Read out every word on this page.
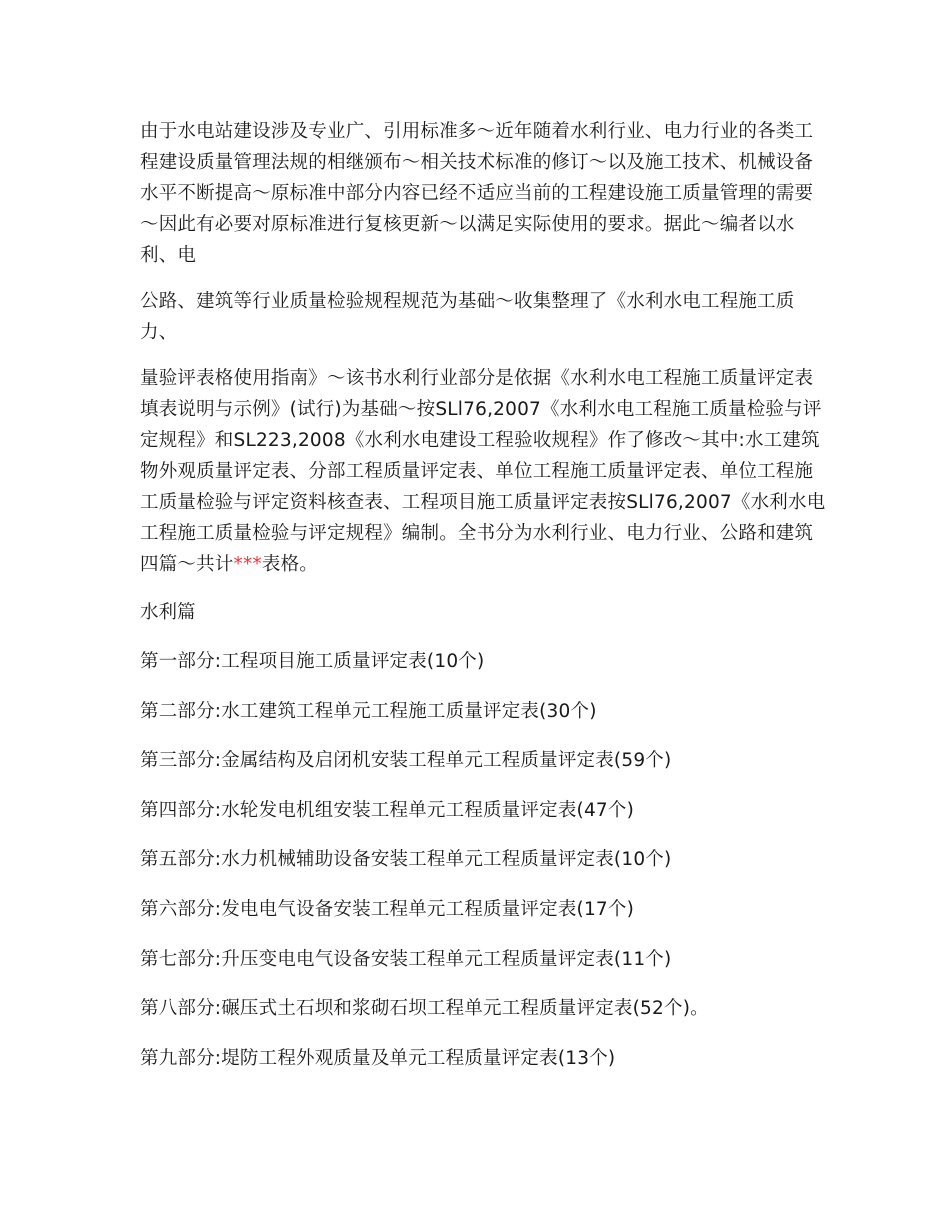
由于水电站建设涉及专业广、引用标准多～近年随着水利行业、电力行业的各类工程建设质量管理法规的相继颁布～相关技术标准的修订～以及施工技术、机械设备水平不断提高～原标准中部分内容已经不适应当前的工程建设施工质量管理的需要～因此有必要对原标准进行复核更新～以满足实际使用的要求。据此～编者以水利、电

公路、建筑等行业质量检验规程规范为基础～收集整理了《水利水电工程施工质力、

量验评表格使用指南》～该书水利行业部分是依据《水利水电工程施工质量评定表填表说明与示例》(试行)为基础～按SLl76,2007《水利水电工程施工质量检验与评定规程》和SL223,2008《水利水电建设工程验收规程》作了修改～其中:水工建筑物外观质量评定表、分部工程质量评定表、单位工程施工质量评定表、单位工程施工质量检验与评定资料核查表、工程项目施工质量评定表按SLl76,2007《水利水电工程施工质量检验与评定规程》编制。全书分为水利行业、电力行业、公路和建筑四篇～共计***表格。

水利篇
第一部分:工程项目施工质量评定表(10个)
第二部分:水工建筑工程单元工程施工质量评定表(30个)
第三部分:金属结构及启闭机安装工程单元工程质量评定表(59个)
第四部分:水轮发电机组安装工程单元工程质量评定表(47个)
第五部分:水力机械辅助设备安装工程单元工程质量评定表(10个)
第六部分:发电电气设备安装工程单元工程质量评定表(17个)
第七部分:升压变电电气设备安装工程单元工程质量评定表(11个)
第八部分:碾压式土石坝和浆砌石坝工程单元工程质量评定表(52个)。
第九部分:堤防工程外观质量及单元工程质量评定表(13个)
